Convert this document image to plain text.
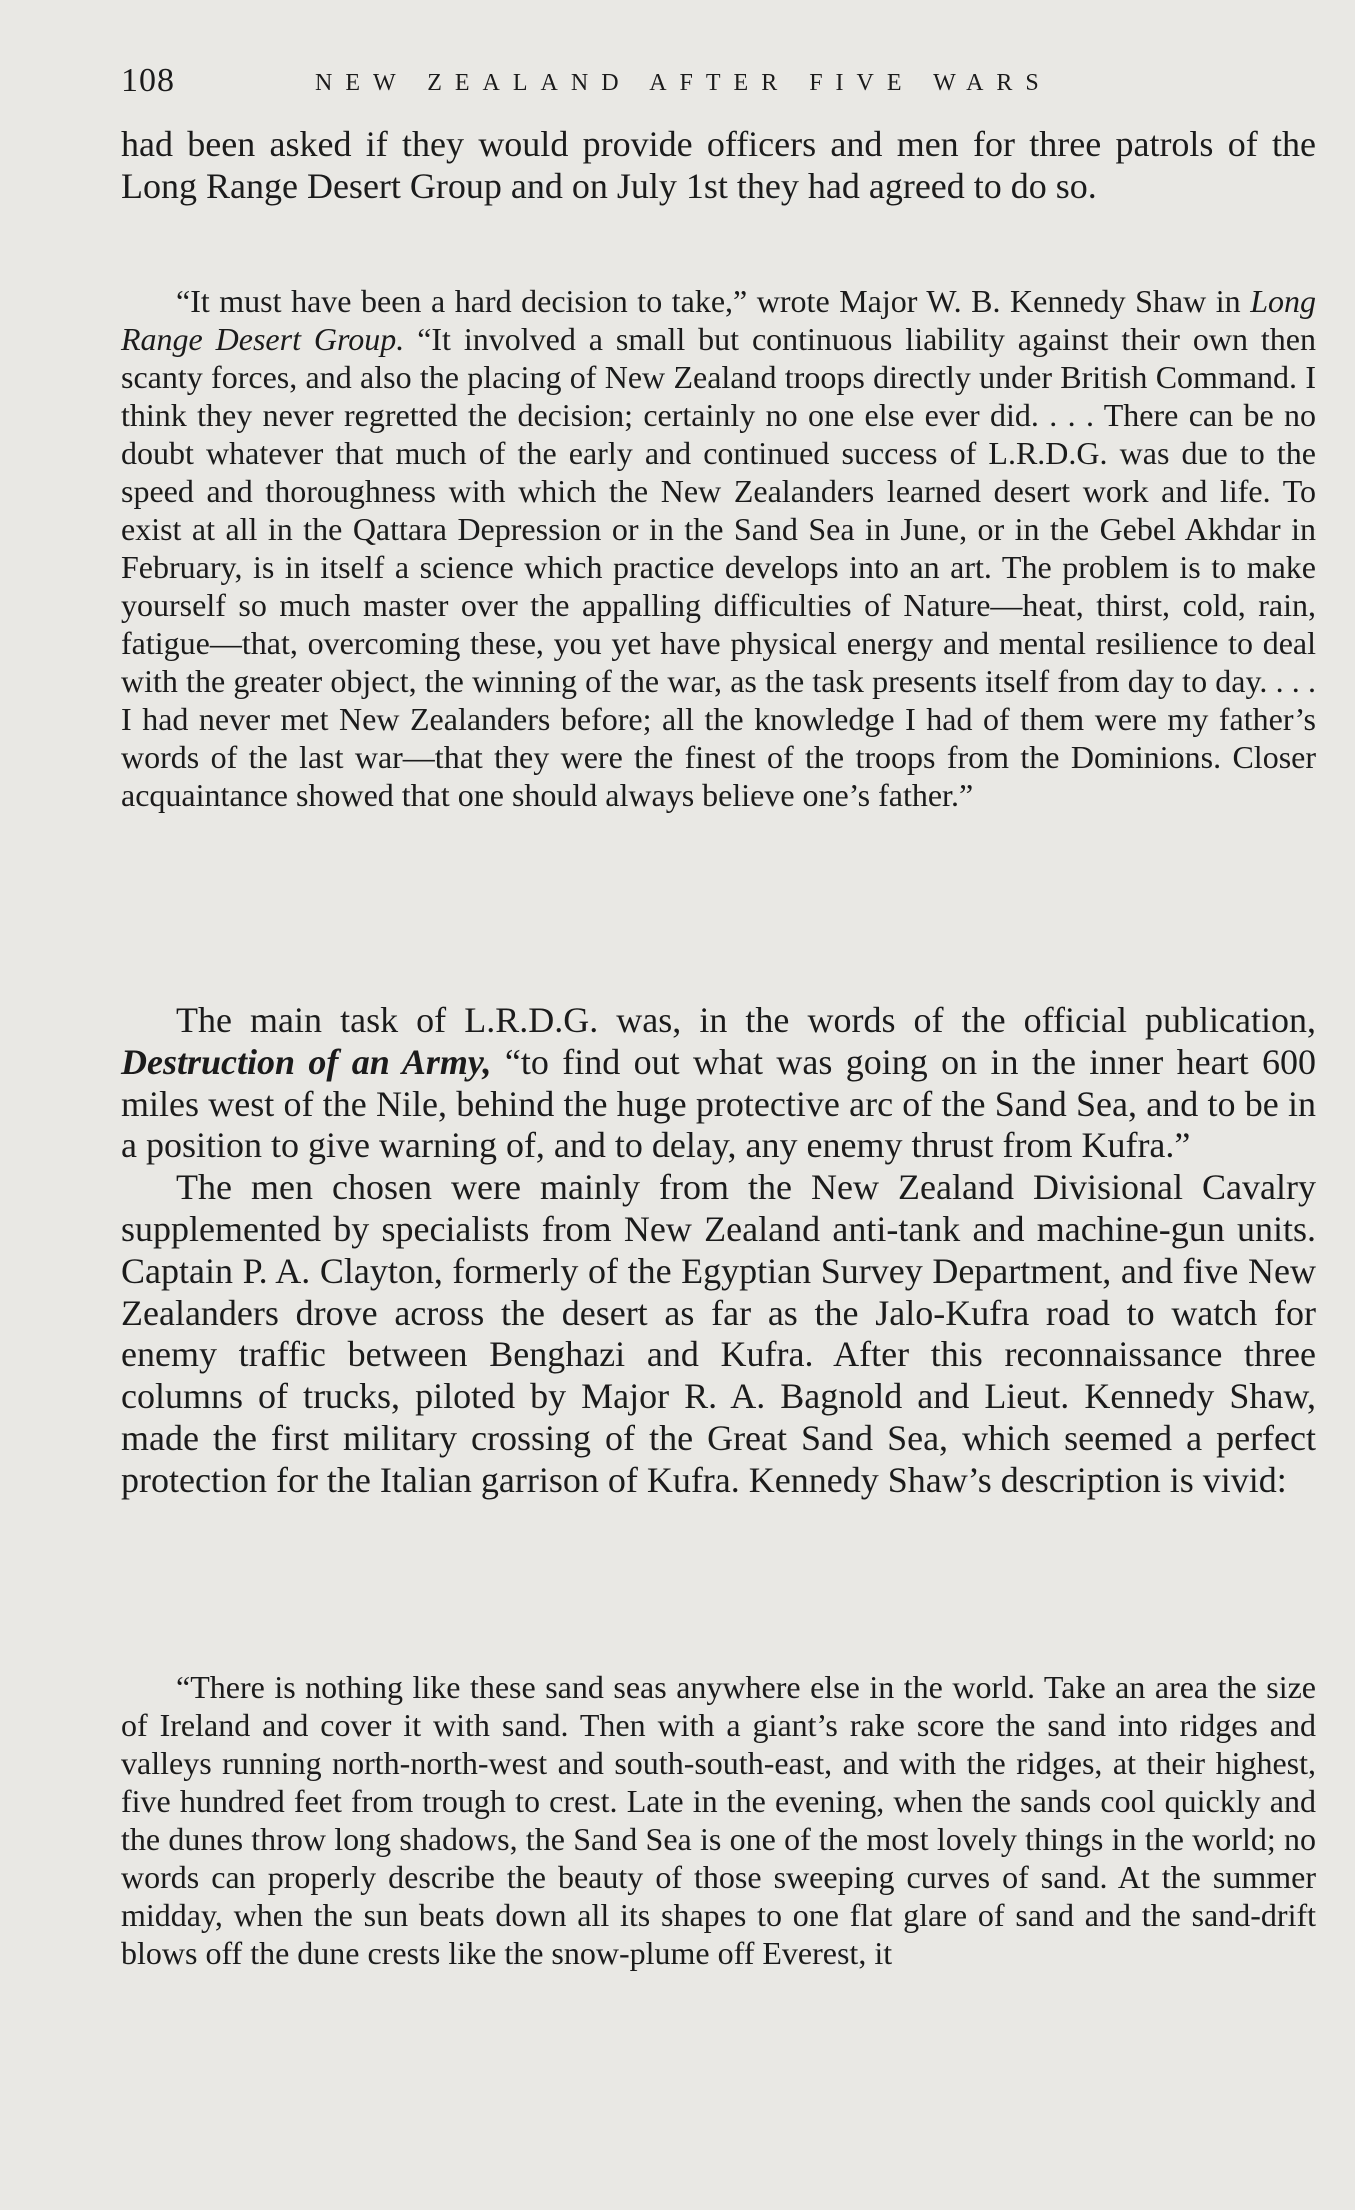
108	NEW ZEALAND AFTER FIVE WARS

had been asked if they would provide officers and men for three patrols of the Long Range Desert Group and on July 1st they had agreed to do so.

“It must have been a hard decision to take,” wrote Major W. B. Kennedy Shaw in Long Range Desert Group. “It involved a small but continuous liability against their own then scanty forces, and also the placing of New Zealand troops directly under British Command. I think they never regretted the decision; certainly no one else ever did. . . . There can be no doubt whatever that much of the early and continued success of L.R.D.G. was due to the speed and thoroughness with which the New Zealanders learned desert work and life. To exist at all in the Qattara Depression or in the Sand Sea in June, or in the Gebel Akhdar in February, is in itself a science which practice develops into an art. The problem is to make yourself so much master over the appalling difficulties of Nature—heat, thirst, cold, rain, fatigue—that, overcoming these, you yet have physical energy and mental resilience to deal with the greater object, the winning of the war, as the task presents itself from day to day. . . . I had never met New Zealanders before; all the knowledge I had of them were my father’s words of the last war—that they were the finest of the troops from the Dominions. Closer acquaintance showed that one should always believe one’s father.”

The main task of L.R.D.G. was, in the words of the official publication, Destruction of an Army, “to find out what was going on in the inner heart 600 miles west of the Nile, behind the huge protective arc of the Sand Sea, and to be in a position to give warning of, and to delay, any enemy thrust from Kufra.”

The men chosen were mainly from the New Zealand Divisional Cavalry supplemented by specialists from New Zealand anti-tank and machine-gun units. Captain P. A. Clayton, formerly of the Egyptian Survey Department, and five New Zealanders drove across the desert as far as the Jalo-Kufra road to watch for enemy traffic between Benghazi and Kufra. After this reconnaissance three columns of trucks, piloted by Major R. A. Bagnold and Lieut. Kennedy Shaw, made the first military crossing of the Great Sand Sea, which seemed a perfect protection for the Italian garrison of Kufra. Kennedy Shaw’s description is vivid:

“There is nothing like these sand seas anywhere else in the world. Take an area the size of Ireland and cover it with sand. Then with a giant’s rake score the sand into ridges and valleys running north-north-west and south-south-east, and with the ridges, at their highest, five hundred feet from trough to crest. Late in the evening, when the sands cool quickly and the dunes throw long shadows, the Sand Sea is one of the most lovely things in the world; no words can properly describe the beauty of those sweeping curves of sand. At the summer midday, when the sun beats down all its shapes to one flat glare of sand and the sand-drift blows off the dune crests like the snow-plume off Everest, it
